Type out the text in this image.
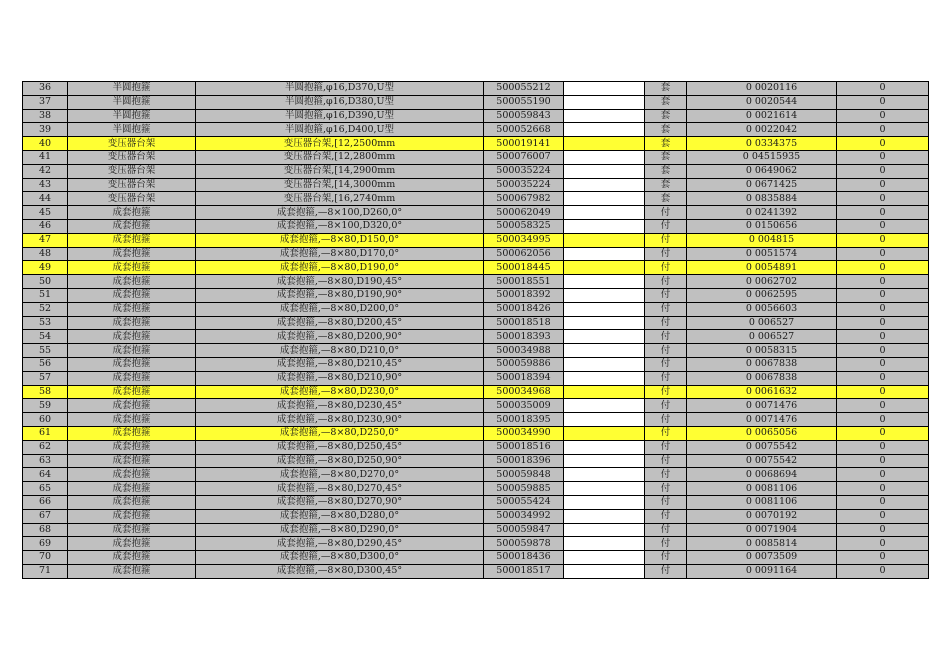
36	半圆抱箍	半圆抱箍,φ16,D370,U型	500055212		套	0 0020116	0
37	半圆抱箍	半圆抱箍,φ16,D380,U型	500055190		套	0 0020544	0
38	半圆抱箍	半圆抱箍,φ16,D390,U型	500059843		套	0 0021614	0
39	半圆抱箍	半圆抱箍,φ16,D400,U型	500052668		套	0 0022042	0
40	变压器台架	变压器台架,[12,2500mm	500019141		套	0 0334375	0
41	变压器台架	变压器台架,[12,2800mm	500076007		套	0 04515935	0
42	变压器台架	变压器台架,[14,2900mm	500035224		套	0 0649062	0
43	变压器台架	变压器台架,[14,3000mm	500035224		套	0 0671425	0
44	变压器台架	变压器台架,[16,2740mm	500067982		套	0 0835884	0
45	成套抱箍	成套抱箍,—8×100,D260,0°	500062049		付	0 0241392	0
46	成套抱箍	成套抱箍,—8×100,D320,0°	500058325		付	0 0150656	0
47	成套抱箍	成套抱箍,—8×80,D150,0°	500034995		付	0 004815	0
48	成套抱箍	成套抱箍,—8×80,D170,0°	500062056		付	0 0051574	0
49	成套抱箍	成套抱箍,—8×80,D190,0°	500018445		付	0 0054891	0
50	成套抱箍	成套抱箍,—8×80,D190,45°	500018551		付	0 0062702	0
51	成套抱箍	成套抱箍,—8×80,D190,90°	500018392		付	0 0062595	0
52	成套抱箍	成套抱箍,—8×80,D200,0°	500018426		付	0 0056603	0
53	成套抱箍	成套抱箍,—8×80,D200,45°	500018518		付	0 006527	0
54	成套抱箍	成套抱箍,—8×80,D200,90°	500018393		付	0 006527	0
55	成套抱箍	成套抱箍,—8×80,D210,0°	500034988		付	0 0058315	0
56	成套抱箍	成套抱箍,—8×80,D210,45°	500059886		付	0 0067838	0
57	成套抱箍	成套抱箍,—8×80,D210,90°	500018394		付	0 0067838	0
58	成套抱箍	成套抱箍,—8×80,D230,0°	500034968		付	0 0061632	0
59	成套抱箍	成套抱箍,—8×80,D230,45°	500035009		付	0 0071476	0
60	成套抱箍	成套抱箍,—8×80,D230,90°	500018395		付	0 0071476	0
61	成套抱箍	成套抱箍,—8×80,D250,0°	500034990		付	0 0065056	0
62	成套抱箍	成套抱箍,—8×80,D250,45°	500018516		付	0 0075542	0
63	成套抱箍	成套抱箍,—8×80,D250,90°	500018396		付	0 0075542	0
64	成套抱箍	成套抱箍,—8×80,D270,0°	500059848		付	0 0068694	0
65	成套抱箍	成套抱箍,—8×80,D270,45°	500059885		付	0 0081106	0
66	成套抱箍	成套抱箍,—8×80,D270,90°	500055424		付	0 0081106	0
67	成套抱箍	成套抱箍,—8×80,D280,0°	500034992		付	0 0070192	0
68	成套抱箍	成套抱箍,—8×80,D290,0°	500059847		付	0 0071904	0
69	成套抱箍	成套抱箍,—8×80,D290,45°	500059878		付	0 0085814	0
70	成套抱箍	成套抱箍,—8×80,D300,0°	500018436		付	0 0073509	0
71	成套抱箍	成套抱箍,—8×80,D300,45°	500018517		付	0 0091164	0
